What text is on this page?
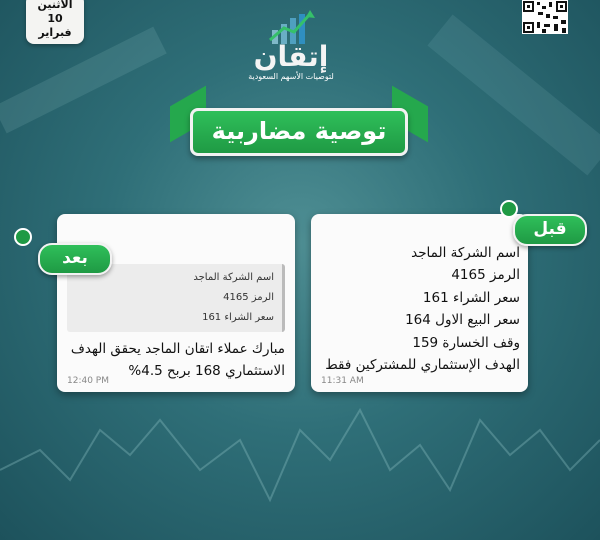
الاثنين
10
فبراير
إتقان
لتوصيات الأسهم السعودية
توصية مضاربية
اسم الشركة الماجد
الرمز 4165
سعر الشراء 161
سعر البيع الاول 164
وقف الخسارة 159
الهدف الإستثماري للمشتركين فقط
11:31 AM
قبل
اسم الشركة الماجد
الرمز 4165
سعر الشراء 161
مبارك عملاء اتقان الماجد يحقق الهدف الاستثماري 168 بربح 4.5%
12:40 PM
بعد
